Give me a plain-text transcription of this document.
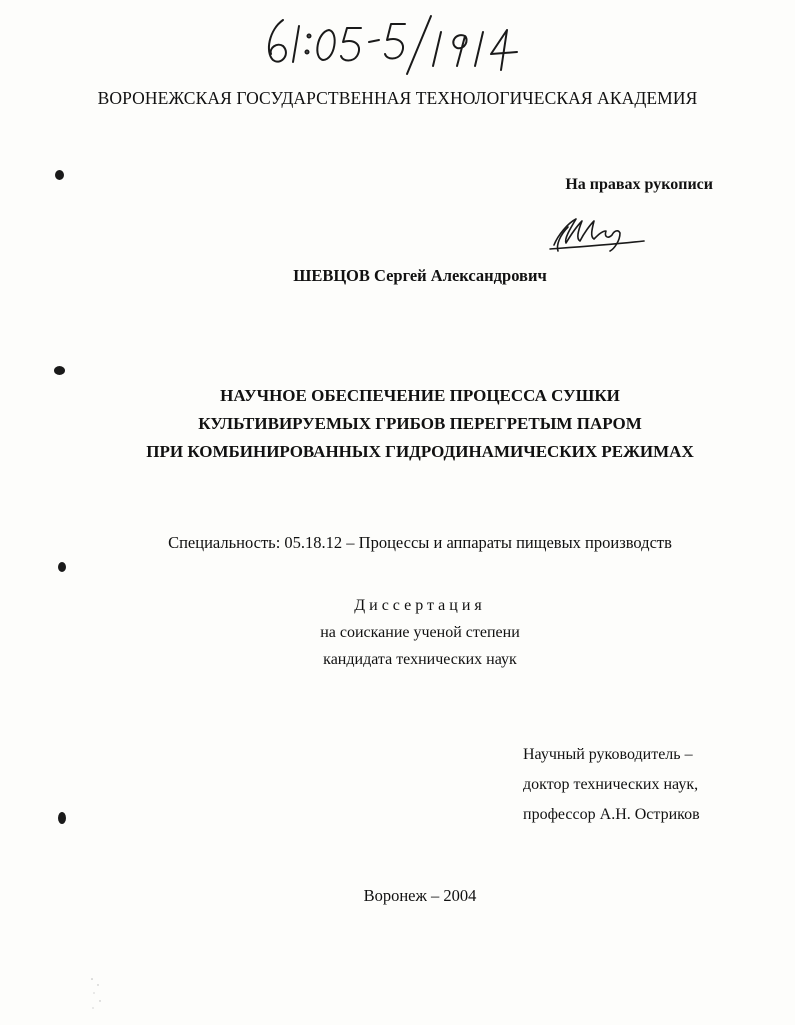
ВОРОНЕЖСКАЯ ГОСУДАРСТВЕННАЯ ТЕХНОЛОГИЧЕСКАЯ АКАДЕМИЯ
На правах рукописи
ШЕВЦОВ Сергей Александрович
НАУЧНОЕ ОБЕСПЕЧЕНИЕ ПРОЦЕССА СУШКИ
КУЛЬТИВИРУЕМЫХ ГРИБОВ ПЕРЕГРЕТЫМ ПАРОМ
ПРИ КОМБИНИРОВАННЫХ ГИДРОДИНАМИЧЕСКИХ РЕЖИМАХ
Специальность: 05.18.12 – Процессы и аппараты пищевых производств
Диссертация
на соискание ученой степени
кандидата технических наук
Научный руководитель –
доктор технических наук,
профессор А.Н. Остриков
Воронеж – 2004
